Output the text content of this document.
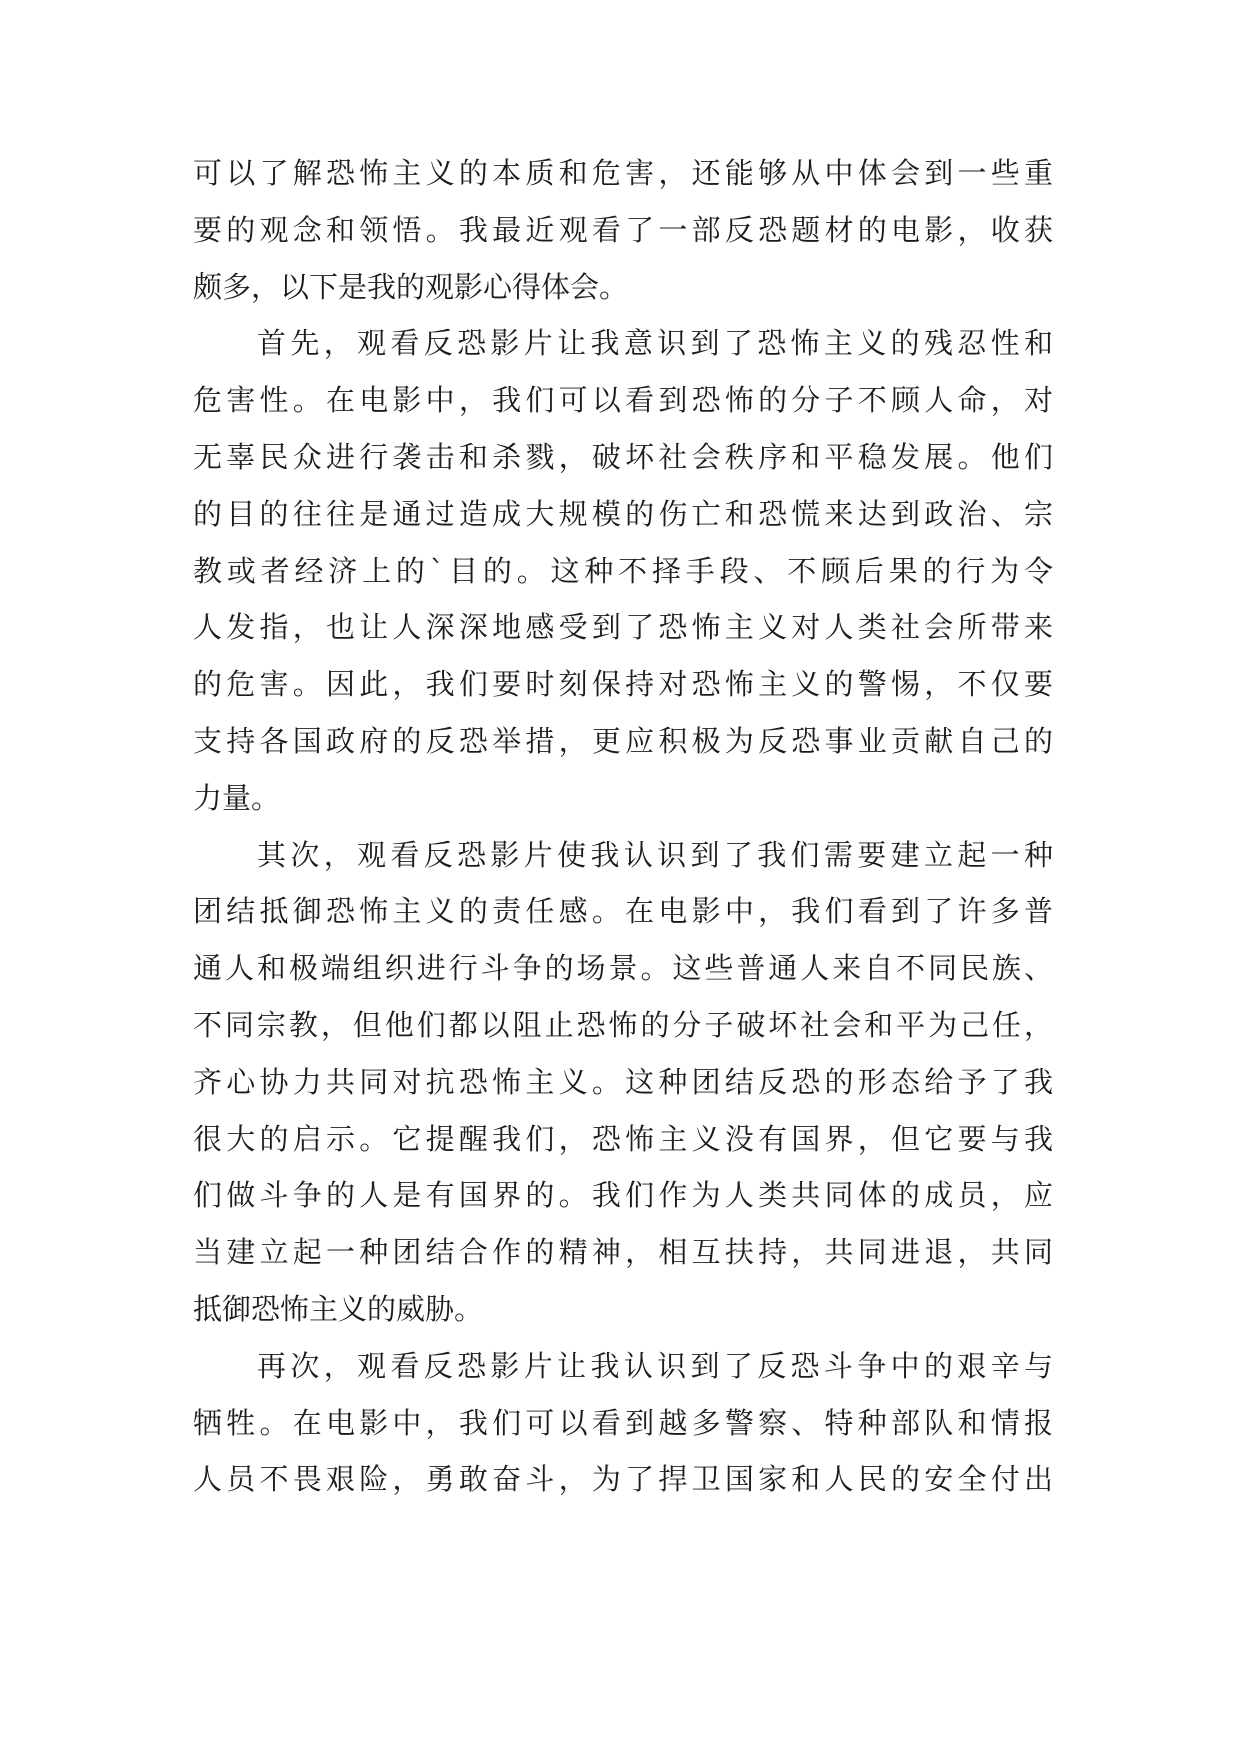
可以了解恐怖主义的本质和危害，还能够从中体会到一些重
要的观念和领悟。我最近观看了一部反恐题材的电影，收获
颇多，以下是我的观影心得体会。
首先，观看反恐影片让我意识到了恐怖主义的残忍性和
危害性。在电影中，我们可以看到恐怖的分子不顾人命，对
无辜民众进行袭击和杀戮，破坏社会秩序和平稳发展。他们
的目的往往是通过造成大规模的伤亡和恐慌来达到政治、宗
教或者经济上的`目的。这种不择手段、不顾后果的行为令
人发指，也让人深深地感受到了恐怖主义对人类社会所带来
的危害。因此，我们要时刻保持对恐怖主义的警惕，不仅要
支持各国政府的反恐举措，更应积极为反恐事业贡献自己的
力量。
其次，观看反恐影片使我认识到了我们需要建立起一种
团结抵御恐怖主义的责任感。在电影中，我们看到了许多普
通人和极端组织进行斗争的场景。这些普通人来自不同民族、
不同宗教，但他们都以阻止恐怖的分子破坏社会和平为己任，
齐心协力共同对抗恐怖主义。这种团结反恐的形态给予了我
很大的启示。它提醒我们，恐怖主义没有国界，但它要与我
们做斗争的人是有国界的。我们作为人类共同体的成员，应
当建立起一种团结合作的精神，相互扶持，共同进退，共同
抵御恐怖主义的威胁。
再次，观看反恐影片让我认识到了反恐斗争中的艰辛与
牺牲。在电影中，我们可以看到越多警察、特种部队和情报
人员不畏艰险，勇敢奋斗，为了捍卫国家和人民的安全付出
